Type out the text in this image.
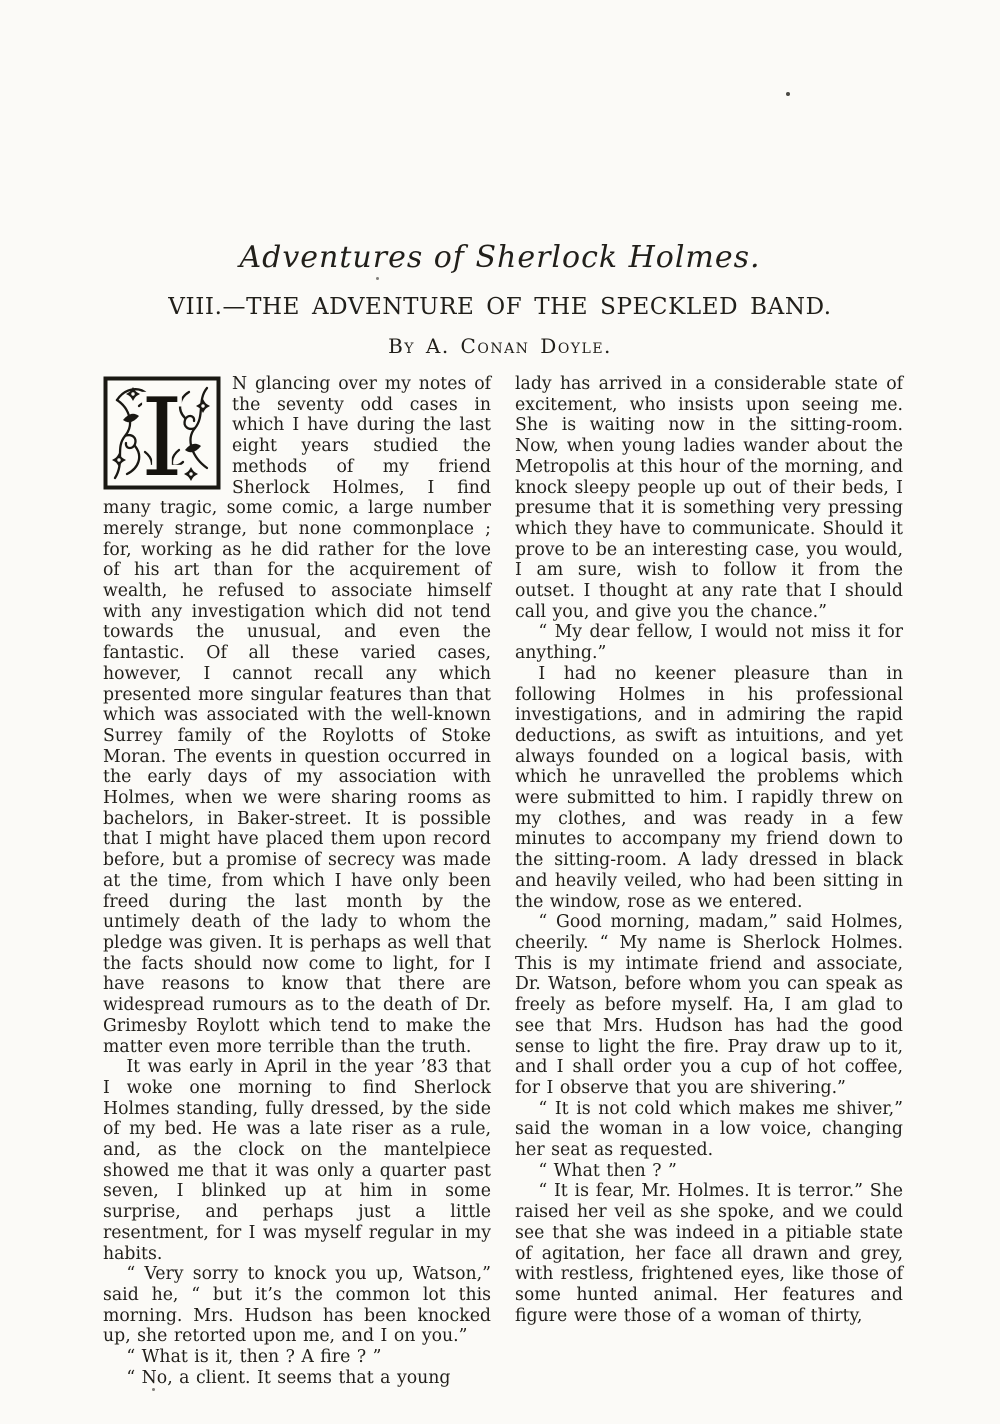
Adventures of Sherlock Holmes.
VIII.—THE ADVENTURE OF THE SPECKLED BAND.
By A. Conan Doyle.

I	N glancing over my notes of the seventy odd cases in which I have during the last eight years studied the methods of my friend Sherlock Holmes, I find many tragic, some comic, a large number merely strange, but none commonplace ; for, working as he did rather for the love of his art than for the acquirement of wealth, he refused to associate himself with any investigation which did not tend towards the unusual, and even the fantastic. Of all these varied cases, however, I cannot recall any which presented more singular features than that which was associated with the well-known Surrey family of the Roylotts of Stoke Moran. The events in question occurred in the early days of my association with Holmes, when we were sharing rooms as bachelors, in Baker-street. It is possible that I might have placed them upon record before, but a promise of secrecy was made at the time, from which I have only been freed during the last month by the untimely death of the lady to whom the pledge was given. It is perhaps as well that the facts should now come to light, for I have reasons to know that there are widespread rumours as to the death of Dr. Grimesby Roylott which tend to make the matter even more terrible than the truth.

It was early in April in the year ’83 that I woke one morning to find Sherlock Holmes standing, fully dressed, by the side of my bed. He was a late riser as a rule, and, as the clock on the mantelpiece showed me that it was only a quarter past seven, I blinked up at him in some surprise, and perhaps just a little resentment, for I was myself regular in my habits.

“ Very sorry to knock you up, Watson,” said he, “ but it’s the common lot this morning. Mrs. Hudson has been knocked up, she retorted upon me, and I on you.”

“ What is it, then ? A fire ? ”

“ No, a client. It seems that a young

lady has arrived in a considerable state of excitement, who insists upon seeing me. She is waiting now in the sitting-room. Now, when young ladies wander about the Metropolis at this hour of the morning, and knock sleepy people up out of their beds, I presume that it is something very pressing which they have to communicate. Should it prove to be an interesting case, you would, I am sure, wish to follow it from the outset. I thought at any rate that I should call you, and give you the chance.”

“ My dear fellow, I would not miss it for anything.”

I had no keener pleasure than in following Holmes in his professional investigations, and in admiring the rapid deductions, as swift as intuitions, and yet always founded on a logical basis, with which he unravelled the problems which were submitted to him. I rapidly threw on my clothes, and was ready in a few minutes to accompany my friend down to the sitting-room. A lady dressed in black and heavily veiled, who had been sitting in the window, rose as we entered.

“ Good morning, madam,” said Holmes, cheerily. “ My name is Sherlock Holmes. This is my intimate friend and associate, Dr. Watson, before whom you can speak as freely as before myself. Ha, I am glad to see that Mrs. Hudson has had the good sense to light the fire. Pray draw up to it, and I shall order you a cup of hot coffee, for I observe that you are shivering.”

“ It is not cold which makes me shiver,” said the woman in a low voice, changing her seat as requested.

“ What then ? ”

“ It is fear, Mr. Holmes. It is terror.” She raised her veil as she spoke, and we could see that she was indeed in a pitiable state of agitation, her face all drawn and grey, with restless, frightened eyes, like those of some hunted animal. Her features and figure were those of a woman of thirty,
